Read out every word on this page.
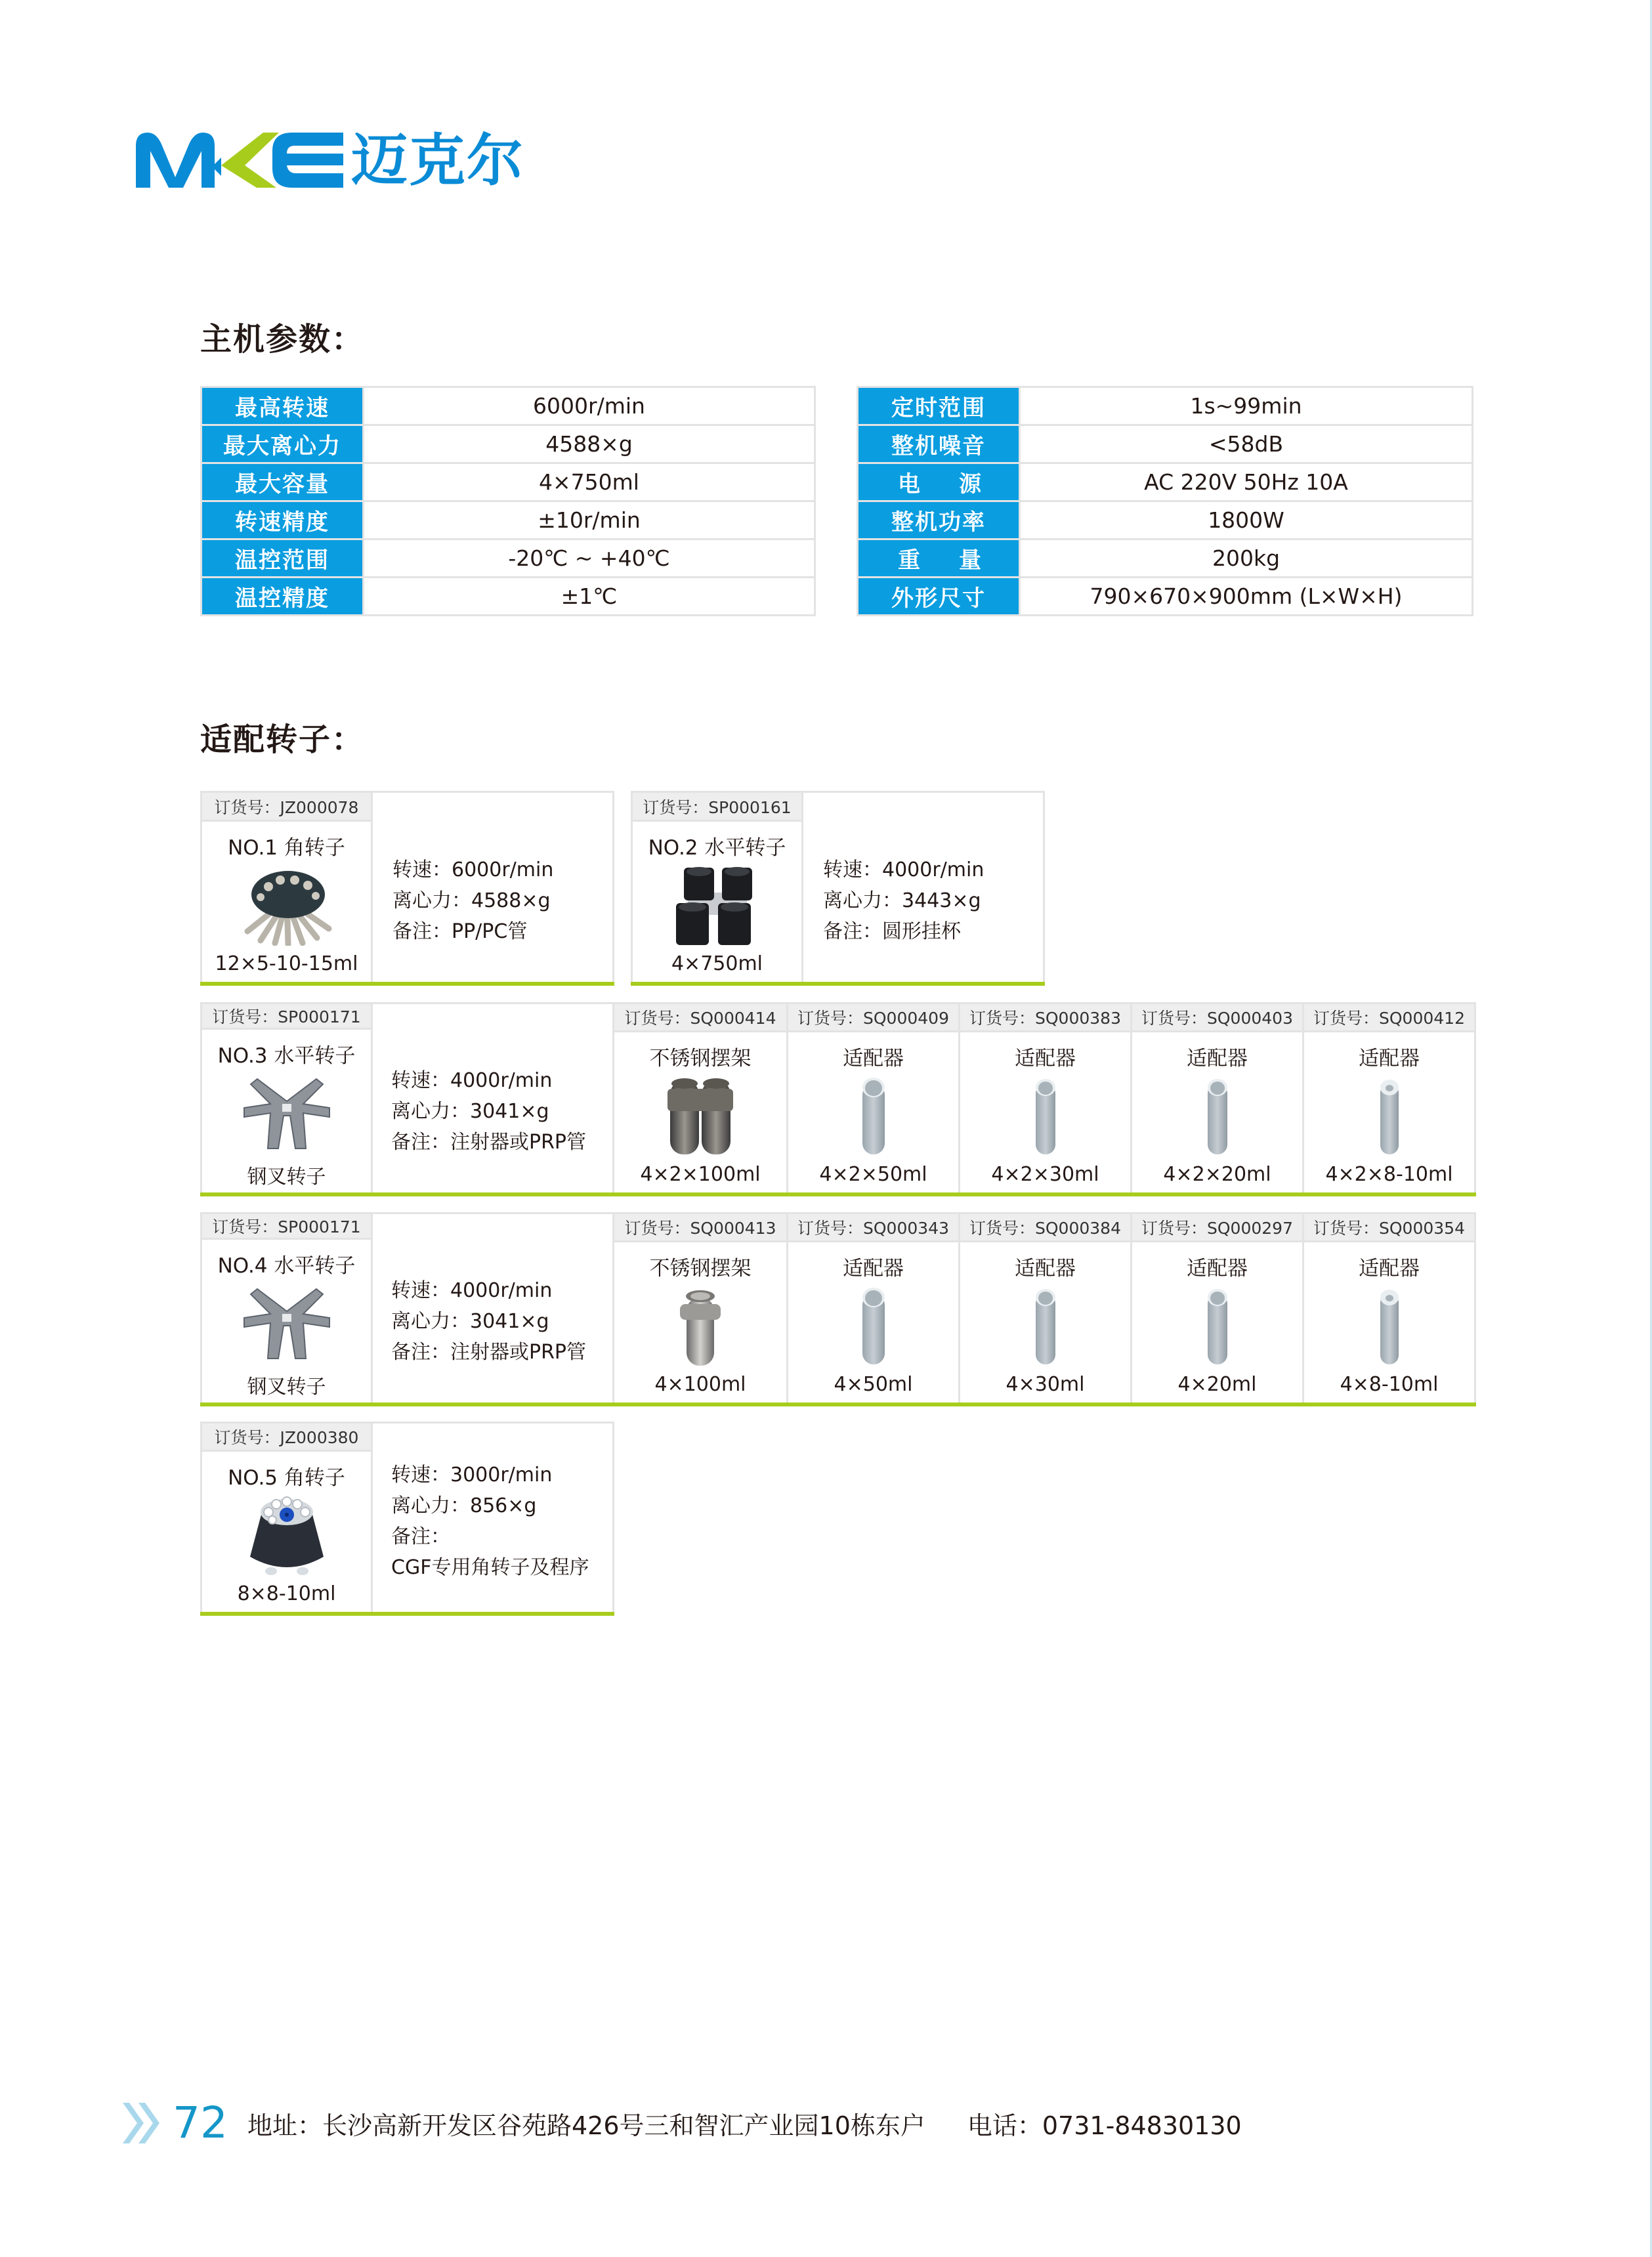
迈克尔
主机参数：
最高转速	6000r/min
最大离心力	4588×g
最大容量	4×750ml
转速精度	±10r/min
温控范围	-20℃ ~ +40℃
温控精度	±1℃
定时范围	1s~99min
整机噪音	<58dB
电源	AC 220V 50Hz 10A
整机功率	1800W
重量	200kg
外形尺寸	790×670×900mm (L×W×H)
适配转子：
订货号：JZ000078
NO.1 角转子
12×5-10-15ml
转速：6000r/min
离心力：4588×g
备注：PP/PC管
订货号：SP000161
NO.2 水平转子
4×750ml
转速：4000r/min
离心力：3443×g
备注：圆形挂杯
订货号：SP000171
NO.3 水平转子
钢叉转子
转速：4000r/min
离心力：3041×g
备注：注射器或PRP管
订货号：SQ000414
不锈钢摆架
4×2×100ml
订货号：SQ000409
适配器
4×2×50ml
订货号：SQ000383
适配器
4×2×30ml
订货号：SQ000403
适配器
4×2×20ml
订货号：SQ000412
适配器
4×2×8-10ml
订货号：SP000171
NO.4 水平转子
钢叉转子
转速：4000r/min
离心力：3041×g
备注：注射器或PRP管
订货号：SQ000413
不锈钢摆架
4×100ml
订货号：SQ000343
适配器
4×50ml
订货号：SQ000384
适配器
4×30ml
订货号：SQ000297
适配器
4×20ml
订货号：SQ000354
适配器
4×8-10ml
订货号：JZ000380
NO.5 角转子
8×8-10ml
转速：3000r/min
离心力：856×g
备注：
CGF专用角转子及程序
72 地址：长沙高新开发区谷苑路426号三和智汇产业园10栋东户 电话：0731-84830130
